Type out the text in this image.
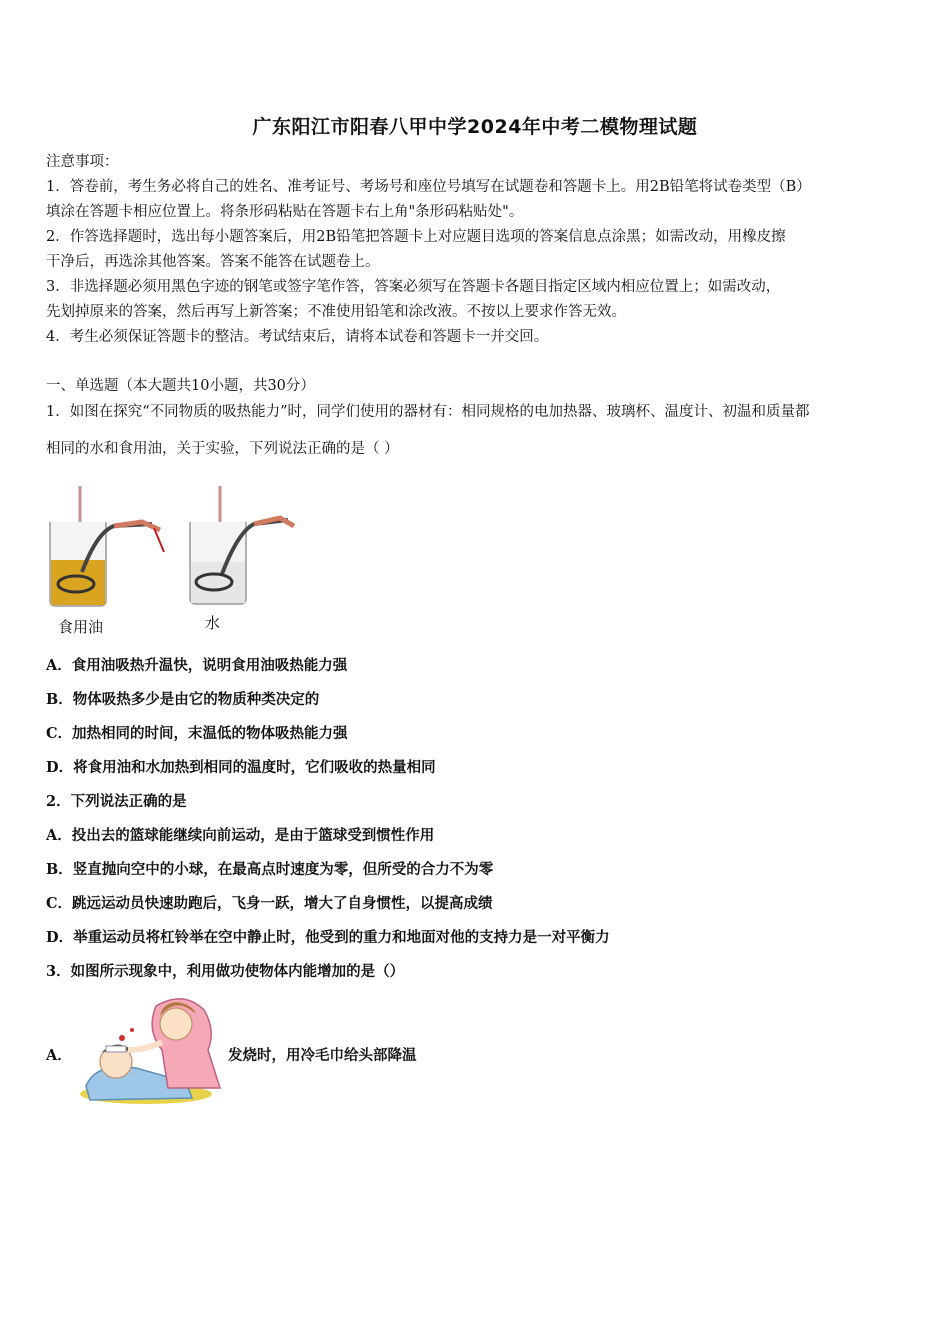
广东阳江市阳春八甲中学2024年中考二模物理试题
注意事项：
1．答卷前，考生务必将自己的姓名、准考证号、考场号和座位号填写在试题卷和答题卡上。用2B铅笔将试卷类型（B）
填涂在答题卡相应位置上。将条形码粘贴在答题卡右上角"条形码粘贴处"。
2．作答选择题时，选出每小题答案后，用2B铅笔把答题卡上对应题目选项的答案信息点涂黑；如需改动，用橡皮擦
干净后，再选涂其他答案。答案不能答在试题卷上。
3．非选择题必须用黑色字迹的钢笔或签字笔作答，答案必须写在答题卡各题目指定区域内相应位置上；如需改动，
先划掉原来的答案，然后再写上新答案；不准使用铅笔和涂改液。不按以上要求作答无效。
4．考生必须保证答题卡的整洁。考试结束后，请将本试卷和答题卡一并交回。
一、单选题（本大题共10小题，共30分）
1．如图在探究“不同物质的吸热能力”时，同学们使用的器材有：相同规格的电加热器、玻璃杯、温度计、初温和质量都
相同的水和食用油，关于实验，下列说法正确的是（ ）
食用油	水
A．食用油吸热升温快，说明食用油吸热能力强
B．物体吸热多少是由它的物质种类决定的
C．加热相同的时间，末温低的物体吸热能力强
D．将食用油和水加热到相同的温度时，它们吸收的热量相同
2．下列说法正确的是
A．投出去的篮球能继续向前运动，是由于篮球受到惯性作用
B．竖直抛向空中的小球，在最高点时速度为零，但所受的合力不为零
C．跳远运动员快速助跑后，飞身一跃，增大了自身惯性，以提高成绩
D．举重运动员将杠铃举在空中静止时，他受到的重力和地面对他的支持力是一对平衡力
3．如图所示现象中，利用做功使物体内能增加的是（）
A．	发烧时，用冷毛巾给头部降温
